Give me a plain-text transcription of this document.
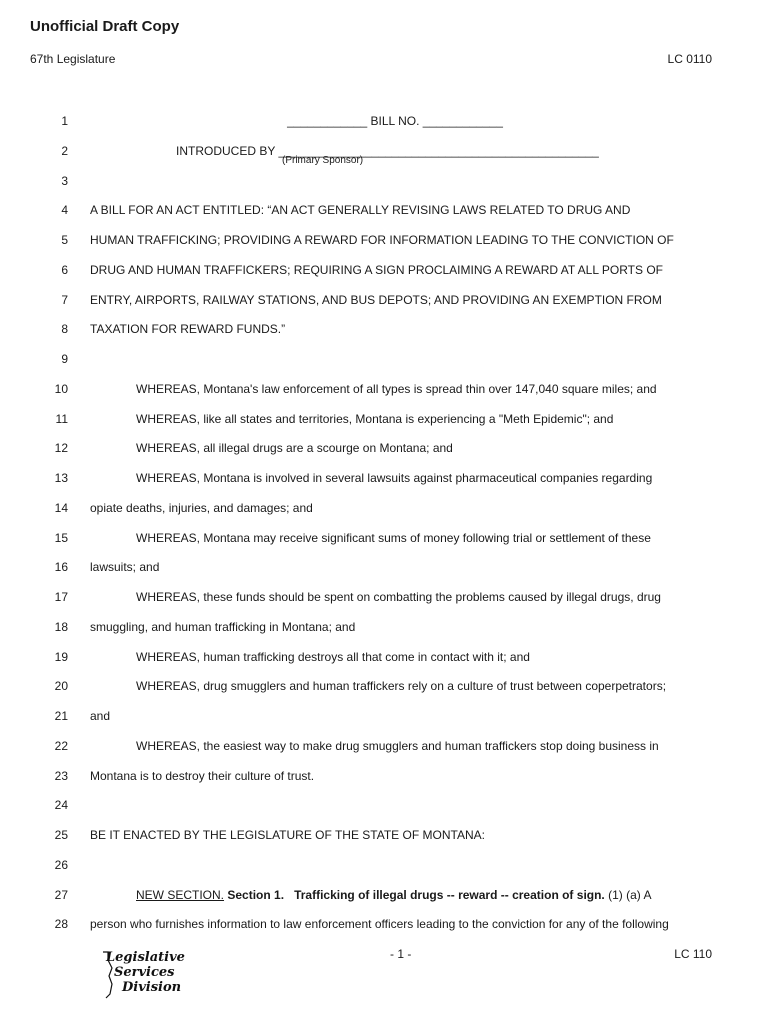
Unofficial Draft Copy
67th Legislature	LC 0110
1	____________ BILL NO. ____________
2	INTRODUCED BY ________________________________________________
3
4 A BILL FOR AN ACT ENTITLED: “AN ACT GENERALLY REVISING LAWS RELATED TO DRUG AND
5 HUMAN TRAFFICKING; PROVIDING A REWARD FOR INFORMATION LEADING TO THE CONVICTION OF
6 DRUG AND HUMAN TRAFFICKERS; REQUIRING A SIGN PROCLAIMING A REWARD AT ALL PORTS OF
7 ENTRY, AIRPORTS, RAILWAY STATIONS, AND BUS DEPOTS; AND PROVIDING AN EXEMPTION FROM
8 TAXATION FOR REWARD FUNDS.”
9
10	WHEREAS, Montana's law enforcement of all types is spread thin over 147,040 square miles; and
11	WHEREAS, like all states and territories, Montana is experiencing a "Meth Epidemic"; and
12	WHEREAS, all illegal drugs are a scourge on Montana; and
13	WHEREAS, Montana is involved in several lawsuits against pharmaceutical companies regarding
14 opiate deaths, injuries, and damages; and
15	WHEREAS, Montana may receive significant sums of money following trial or settlement of these
16 lawsuits; and
17	WHEREAS, these funds should be spent on combatting the problems caused by illegal drugs, drug
18 smuggling, and human trafficking in Montana; and
19	WHEREAS, human trafficking destroys all that come in contact with it; and
20	WHEREAS, drug smugglers and human traffickers rely on a culture of trust between coperpetrators;
21 and
22	WHEREAS, the easiest way to make drug smugglers and human traffickers stop doing business in
23 Montana is to destroy their culture of trust.
24
25 BE IT ENACTED BY THE LEGISLATURE OF THE STATE OF MONTANA:
26
27	NEW SECTION. Section 1. Trafficking of illegal drugs -- reward -- creation of sign. (1) (a) A
28 person who furnishes information to law enforcement officers leading to the conviction for any of the following
(Primary Sponsor)
- 1 -	LC 110
Legislative
Services
Division
